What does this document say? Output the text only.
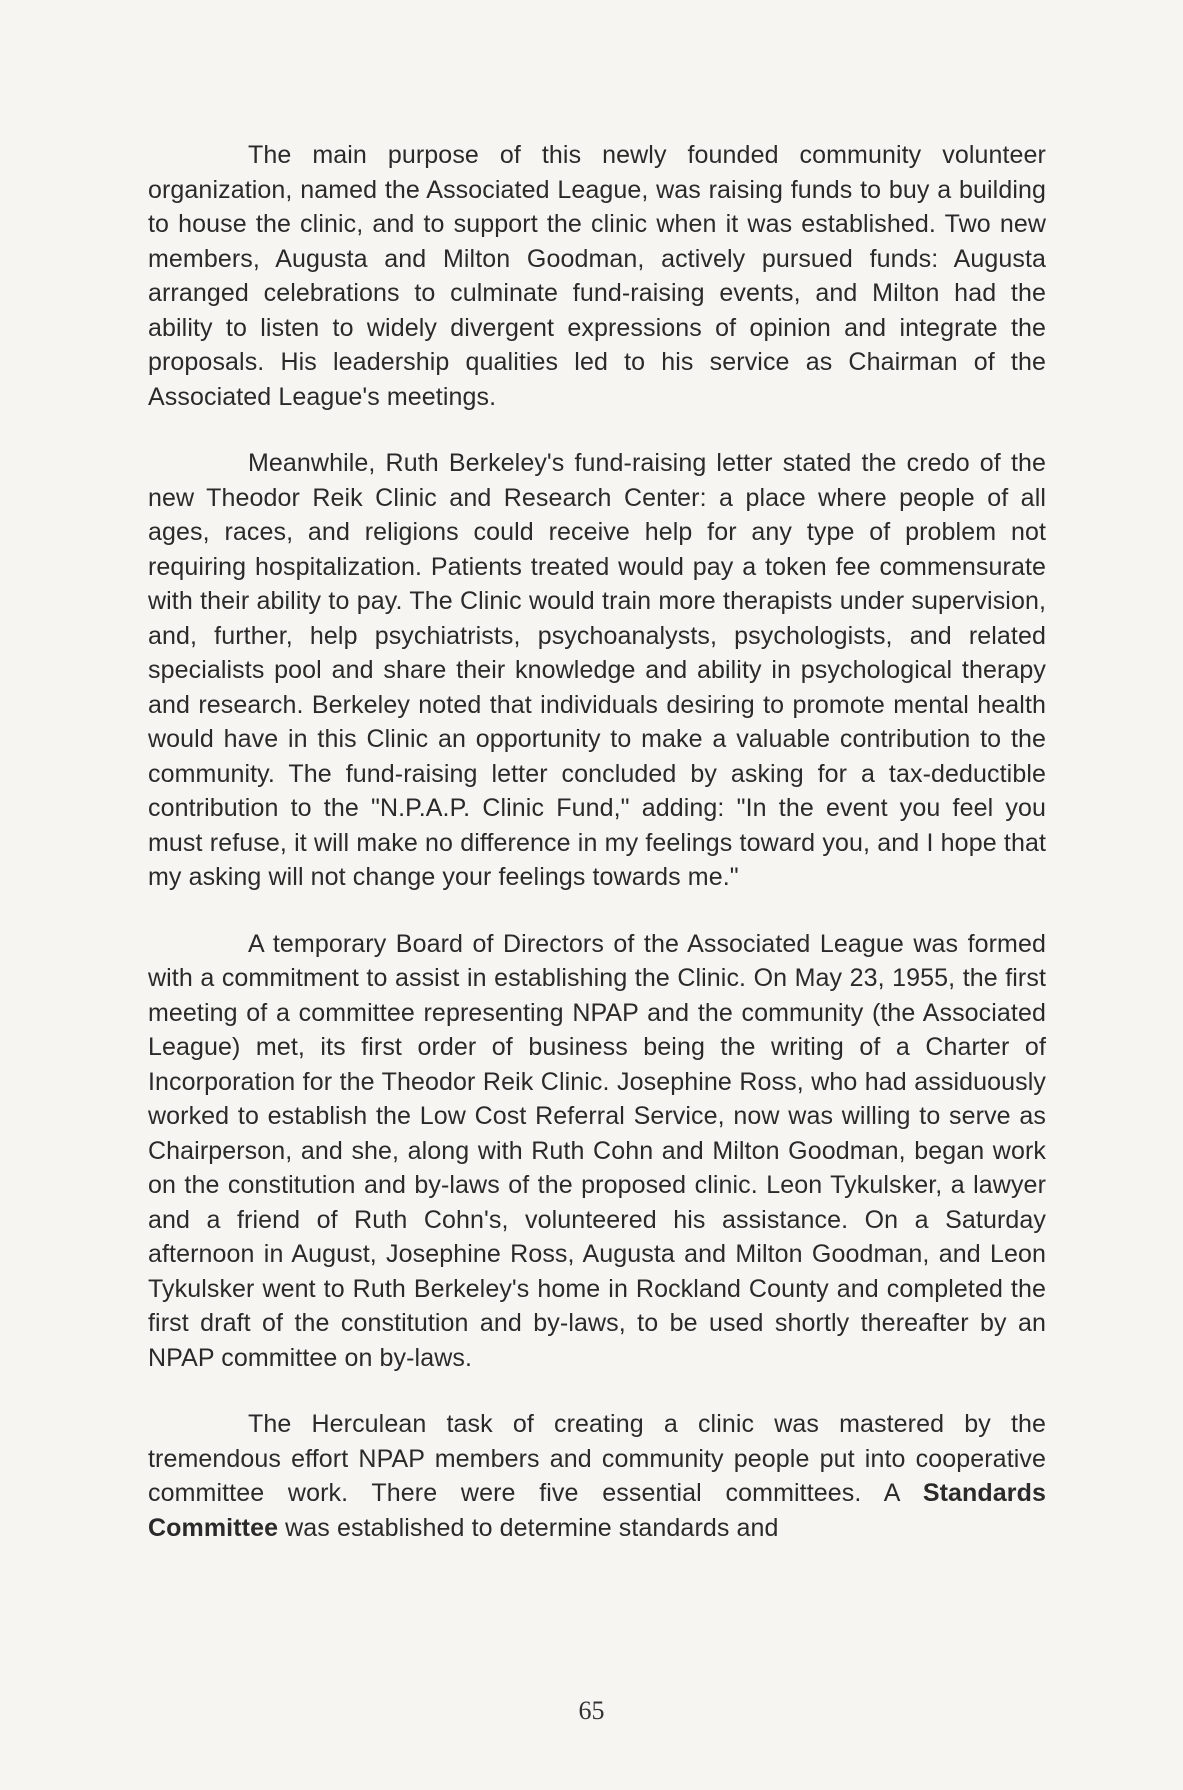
The main purpose of this newly founded community volunteer organization, named the Associated League, was raising funds to buy a building to house the clinic, and to support the clinic when it was established. Two new members, Augusta and Milton Goodman, actively pursued funds: Augusta arranged celebrations to culminate fund-raising events, and Milton had the ability to listen to widely divergent expressions of opinion and integrate the proposals. His leadership qualities led to his service as Chairman of the Associated League's meetings.

Meanwhile, Ruth Berkeley's fund-raising letter stated the credo of the new Theodor Reik Clinic and Research Center: a place where people of all ages, races, and religions could receive help for any type of problem not requiring hospitalization. Patients treated would pay a token fee commensurate with their ability to pay. The Clinic would train more therapists under supervision, and, further, help psychiatrists, psychoanalysts, psychologists, and related specialists pool and share their knowledge and ability in psychological therapy and research. Berkeley noted that individuals desiring to promote mental health would have in this Clinic an opportunity to make a valuable contribution to the community. The fund-raising letter concluded by asking for a tax-deductible contribution to the "N.P.A.P. Clinic Fund," adding: "In the event you feel you must refuse, it will make no difference in my feelings toward you, and I hope that my asking will not change your feelings towards me."

A temporary Board of Directors of the Associated League was formed with a commitment to assist in establishing the Clinic. On May 23, 1955, the first meeting of a committee representing NPAP and the community (the Associated League) met, its first order of business being the writing of a Charter of Incorporation for the Theodor Reik Clinic. Josephine Ross, who had assiduously worked to establish the Low Cost Referral Service, now was willing to serve as Chairperson, and she, along with Ruth Cohn and Milton Goodman, began work on the constitution and by-laws of the proposed clinic. Leon Tykulsker, a lawyer and a friend of Ruth Cohn's, volunteered his assistance. On a Saturday afternoon in August, Josephine Ross, Augusta and Milton Goodman, and Leon Tykulsker went to Ruth Berkeley's home in Rockland County and completed the first draft of the constitution and by-laws, to be used shortly thereafter by an NPAP committee on by-laws.

The Herculean task of creating a clinic was mastered by the tremendous effort NPAP members and community people put into cooperative committee work. There were five essential committees. A Standards Committee was established to determine standards and

65
